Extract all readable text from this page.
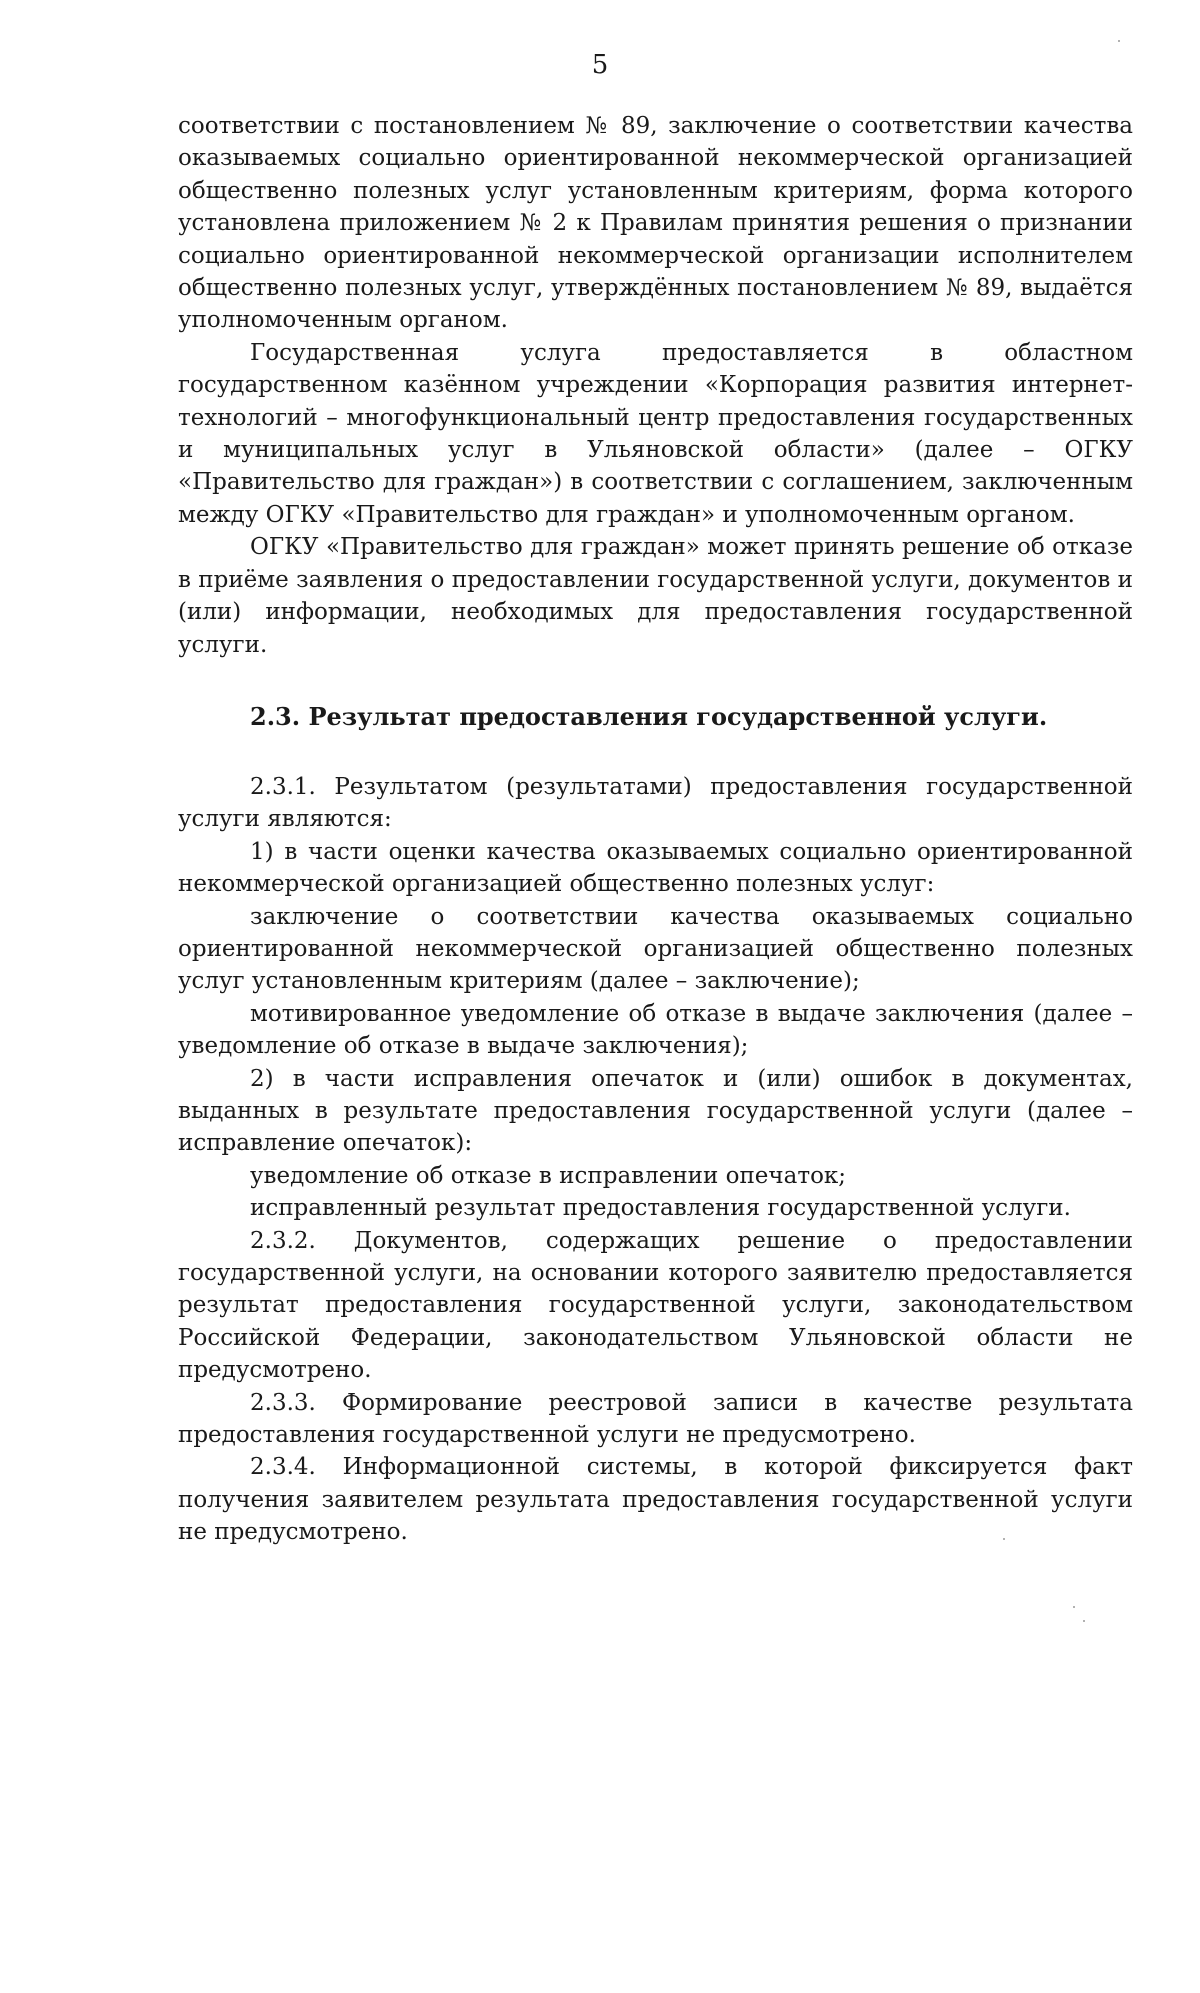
5

соответствии с постановлением № 89, заключение о соответствии качества оказываемых социально ориентированной некоммерческой организацией общественно полезных услуг установленным критериям, форма которого установлена приложением № 2 к Правилам принятия решения о признании социально ориентированной некоммерческой организации исполнителем общественно полезных услуг, утверждённых постановлением № 89, выдаётся уполномоченным органом.

Государственная услуга предоставляется в областном государственном казённом учреждении «Корпорация развития интернет-технологий – многофункциональный центр предоставления государственных и муниципальных услуг в Ульяновской области» (далее – ОГКУ «Правительство для граждан») в соответствии с соглашением, заключенным между ОГКУ «Правительство для граждан» и уполномоченным органом.

ОГКУ «Правительство для граждан» может принять решение об отказе в приёме заявления о предоставлении государственной услуги, документов и (или) информации, необходимых для предоставления государственной услуги.

2.3. Результат предоставления государственной услуги.

2.3.1. Результатом (результатами) предоставления государственной услуги являются:

1) в части оценки качества оказываемых социально ориентированной некоммерческой организацией общественно полезных услуг:

заключение о соответствии качества оказываемых социально ориентированной некоммерческой организацией общественно полезных услуг установленным критериям (далее – заключение);

мотивированное уведомление об отказе в выдаче заключения (далее – уведомление об отказе в выдаче заключения);

2) в части исправления опечаток и (или) ошибок в документах, выданных в результате предоставления государственной услуги (далее – исправление опечаток):

уведомление об отказе в исправлении опечаток;

исправленный результат предоставления государственной услуги.

2.3.2. Документов, содержащих решение о предоставлении государственной услуги, на основании которого заявителю предоставляется результат предоставления государственной услуги, законодательством Российской Федерации, законодательством Ульяновской области не предусмотрено.

2.3.3. Формирование реестровой записи в качестве результата предоставления государственной услуги не предусмотрено.

2.3.4. Информационной системы, в которой фиксируется факт получения заявителем результата предоставления государственной услуги не предусмотрено.
